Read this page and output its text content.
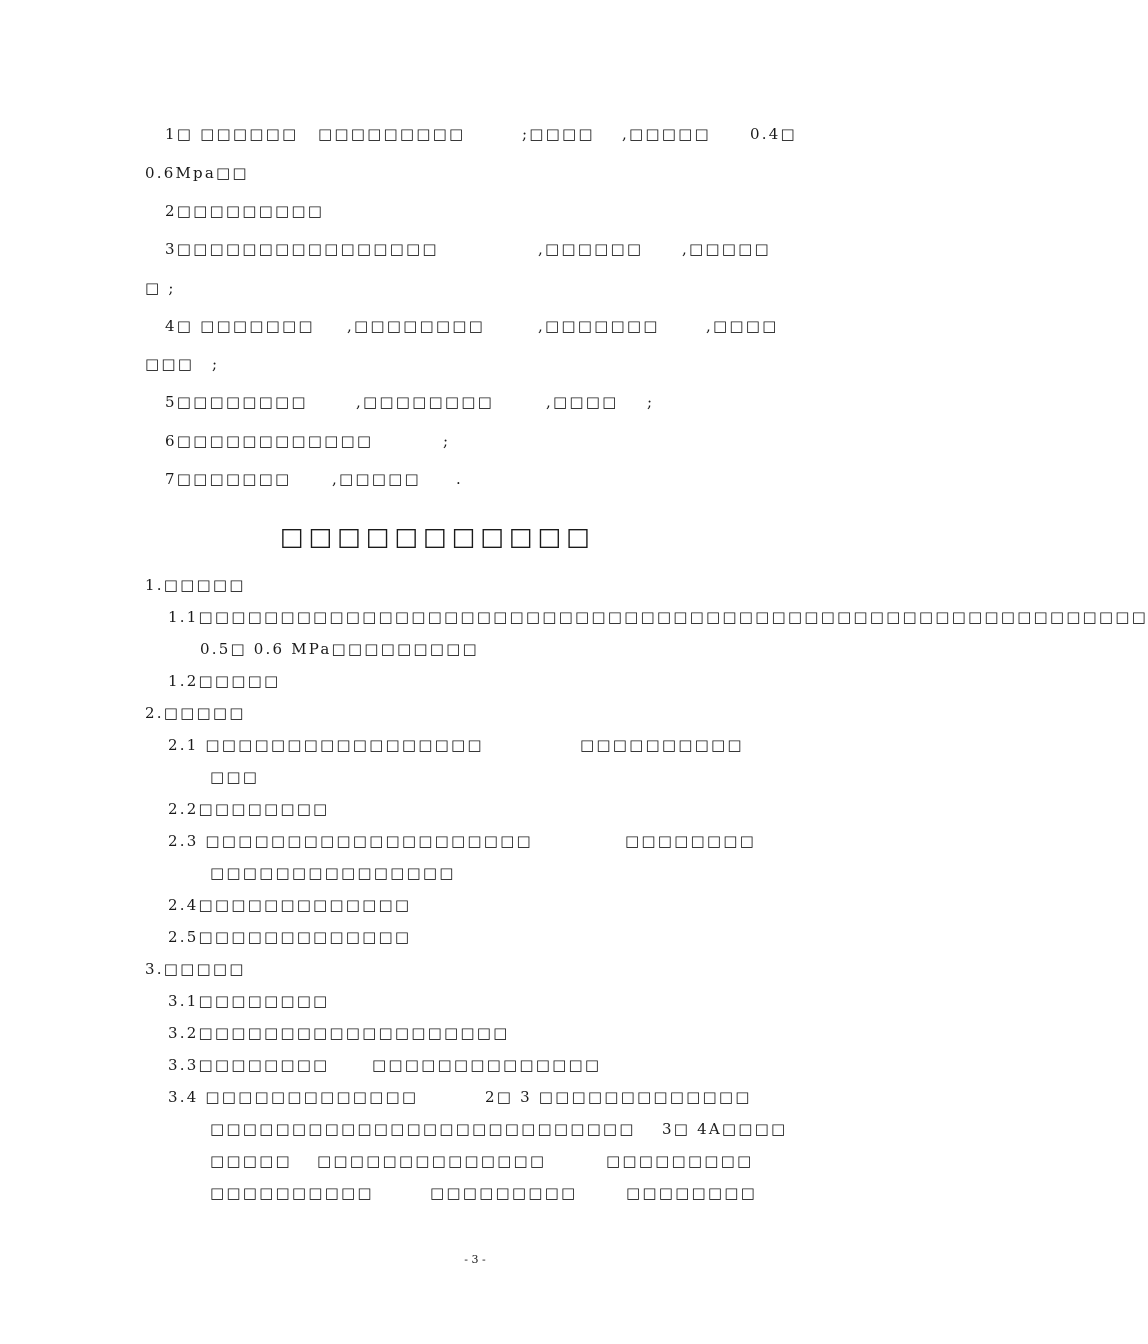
1□ □□□□□□ □□□□□□□□□	;□□□□ ,□□□□□	0.4□
0.6Mpa□□
2□□□□□□□□□
3□□□□□□□□□□□□□□□□	,□□□□□□	,□□□□□
□ ;
4□ □□□□□□□ ,□□□□□□□□	,□□□□□□□	,□□□□
□□□ ;
5□□□□□□□□	,□□□□□□□□	,□□□□ ;
6□□□□□□□□□□□□	;
7□□□□□□□	,□□□□□ .
□□□□□□□□□□□
1.□□□□□
1.1□□□□□□□□□□□□□□□□□□□□□□□□□□□□□□□□□□□□□□□□□□□□□□□□□□□□□□□□□□
0.5□ 0.6 MPa□□□□□□□□□
1.2□□□□□
2.□□□□□
2.1 □□□□□□□□□□□□□□□□□	□□□□□□□□□□
□□□
2.2□□□□□□□□
2.3 □□□□□□□□□□□□□□□□□□□□	□□□□□□□□
□□□□□□□□□□□□□□□
2.4□□□□□□□□□□□□□
2.5□□□□□□□□□□□□□
3.□□□□□
3.1□□□□□□□□
3.2□□□□□□□□□□□□□□□□□□□
3.3□□□□□□□□	□□□□□□□□□□□□□□
3.4 □□□□□□□□□□□□□	2□ 3 □□□□□□□□□□□□□
□□□□□□□□□□□□□□□□□□□□□□□□□□ 3□ 4A□□□□
□□□□□ □□□□□□□□□□□□□□	□□□□□□□□□
□□□□□□□□□□	□□□□□□□□□	□□□□□□□□
- 3 -
